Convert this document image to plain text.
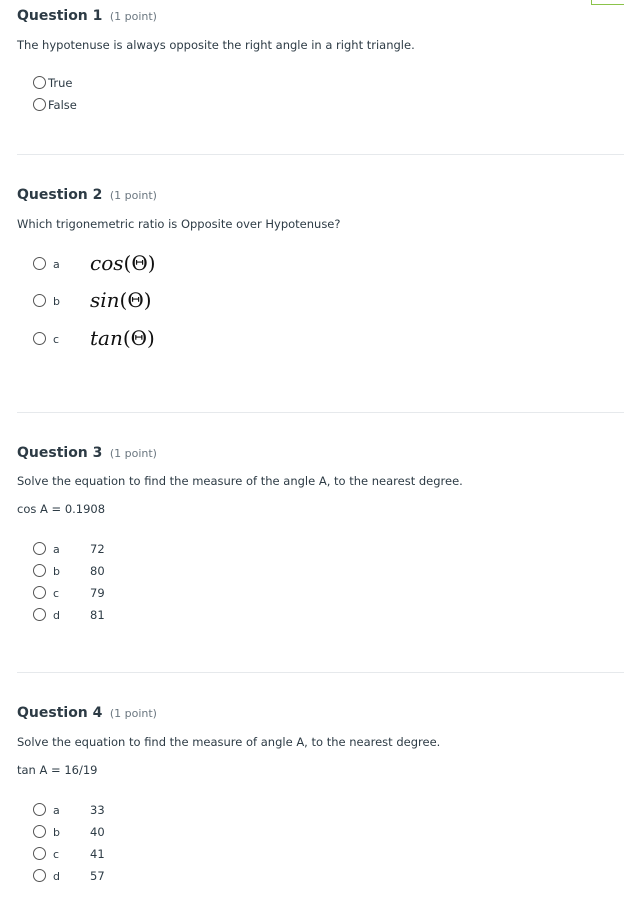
Question 1 (1 point)
The hypotenuse is always opposite the right angle in a right triangle.
True
False
Question 2 (1 point)
Which trigonemetric ratio is Opposite over Hypotenuse?
a cos(Θ)
b sin(Θ)
c tan(Θ)
Question 3 (1 point)
Solve the equation to find the measure of the angle A, to the nearest degree.
cos A = 0.1908
a	72
b	80
c	79
d	81
Question 4 (1 point)
Solve the equation to find the measure of angle A, to the nearest degree.
tan A = 16/19
a	33
b	40
c	41
d	57
